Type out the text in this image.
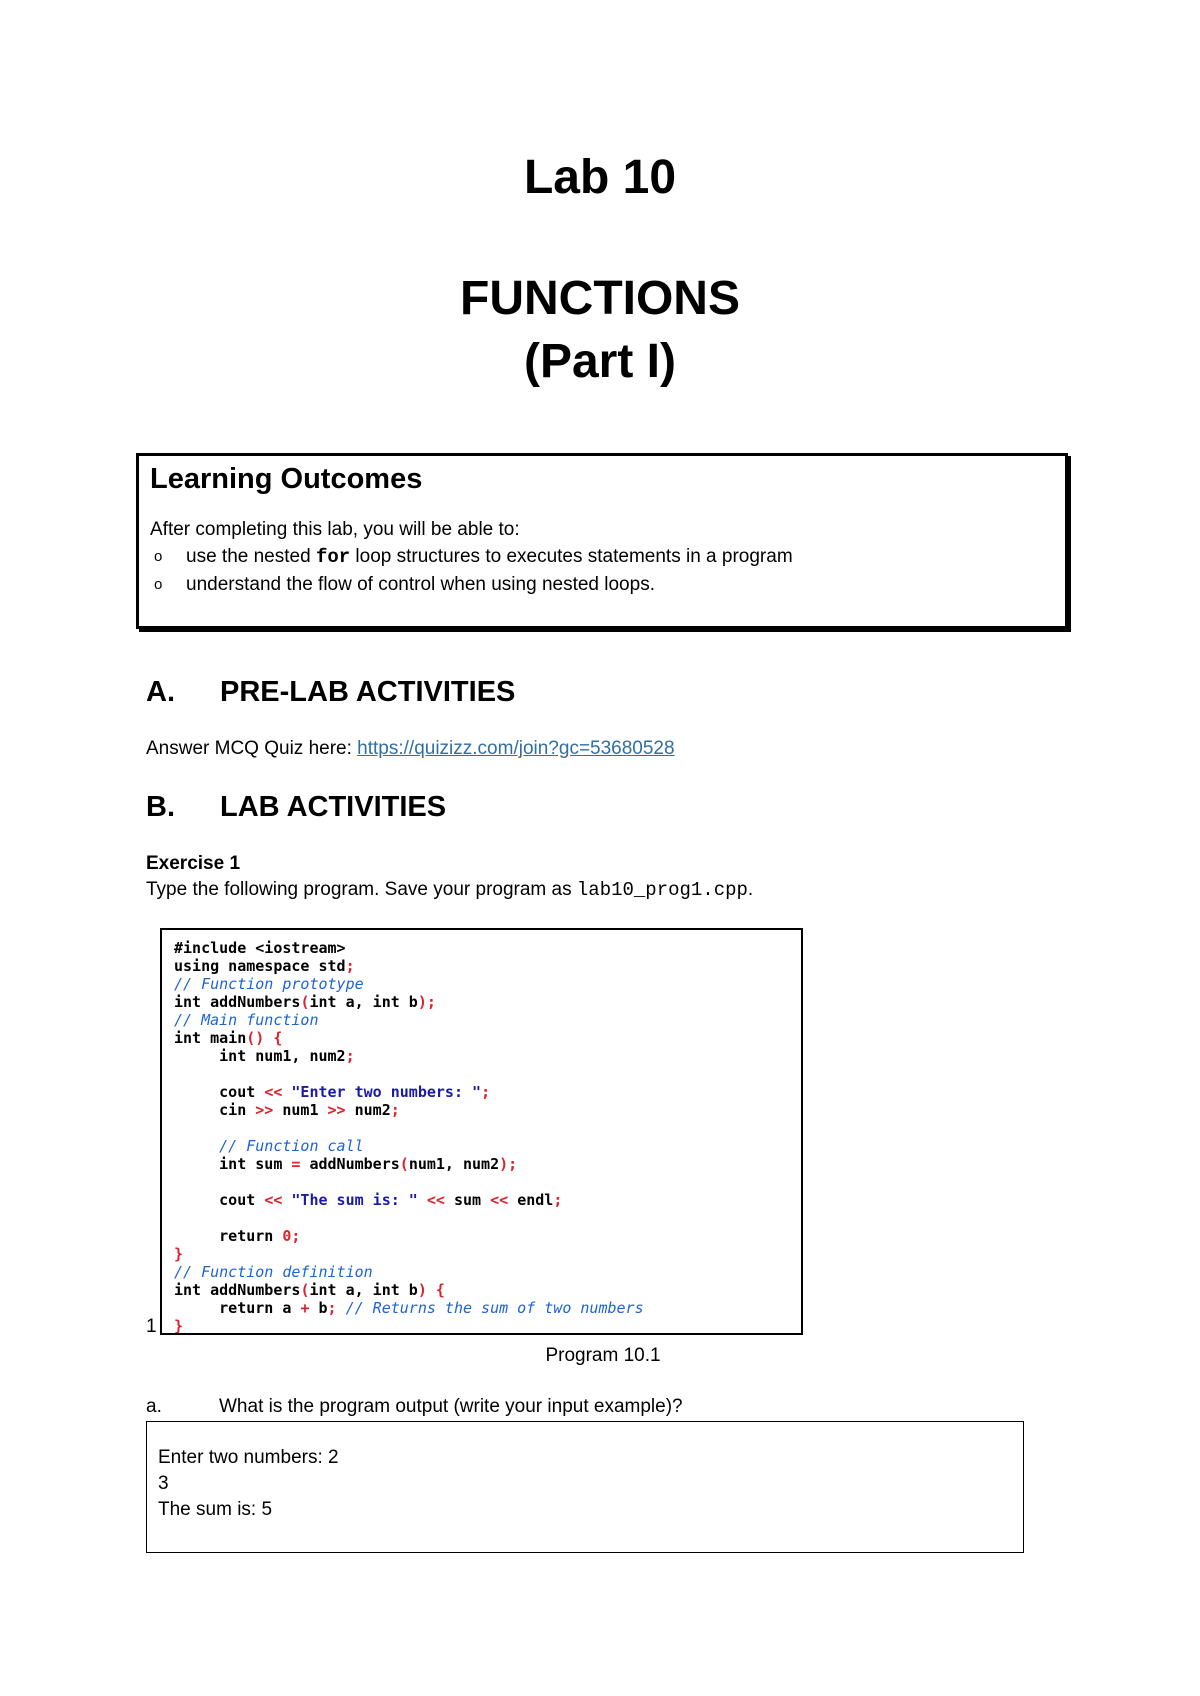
Lab 10
FUNCTIONS
(Part I)
Learning Outcomes

After completing this lab, you will be able to:

o use the nested for loop structures to executes statements in a program
o understand the flow of control when using nested loops.
A. PRE-LAB ACTIVITIES

Answer MCQ Quiz here: https://quizizz.com/join?gc=53680528

B. LAB ACTIVITIES

Exercise 1

Type the following program. Save your program as lab10_prog1.cpp.

#include <iostream>
using namespace std;
// Function prototype
int addNumbers(int a, int b);
// Main function
int main() {
int num1, num2;
cout << "Enter two numbers: ";
cin >> num1 >> num2;
// Function call
int sum = addNumbers(num1, num2);
cout << "The sum is: " << sum << endl;
return 0;
}
// Function definition
int addNumbers(int a, int b) {
return a + b; // Returns the sum of two numbers
}
1
Program 10.1

a.	What is the program output (write your input example)?

Enter two numbers: 2
3
The sum is: 5
